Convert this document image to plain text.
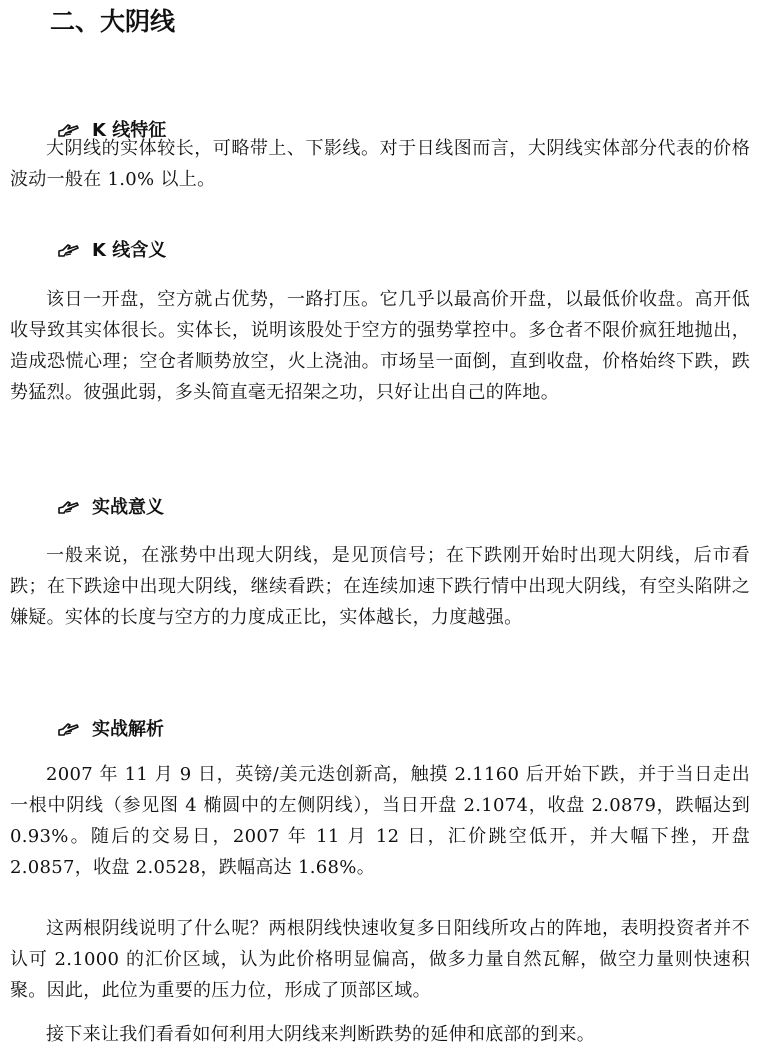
二、大阴线
K 线特征

大阴线的实体较长，可略带上、下影线。对于日线图而言，大阴线实体部分代表的价格波动一般在 1.0% 以上。

K 线含义

该日一开盘，空方就占优势，一路打压。它几乎以最高价开盘，以最低价收盘。高开低收导致其实体很长。实体长，说明该股处于空方的强势掌控中。多仓者不限价疯狂地抛出，造成恐慌心理；空仓者顺势放空，火上浇油。市场呈一面倒，直到收盘，价格始终下跌，跌势猛烈。彼强此弱，多头简直毫无招架之功，只好让出自己的阵地。

实战意义

一般来说，在涨势中出现大阴线，是见顶信号；在下跌刚开始时出现大阴线，后市看跌；在下跌途中出现大阴线，继续看跌；在连续加速下跌行情中出现大阴线，有空头陷阱之嫌疑。实体的长度与空方的力度成正比，实体越长，力度越强。

实战解析

2007 年 11 月 9 日，英镑/美元迭创新高，触摸 2.1160 后开始下跌，并于当日走出一根中阴线（参见图 4 椭圆中的左侧阴线），当日开盘 2.1074，收盘 2.0879，跌幅达到 0.93%。随后的交易日，2007 年 11 月 12 日，汇价跳空低开，并大幅下挫，开盘 2.0857，收盘 2.0528，跌幅高达 1.68%。

这两根阴线说明了什么呢？两根阴线快速收复多日阳线所攻占的阵地，表明投资者并不认可 2.1000 的汇价区域，认为此价格明显偏高，做多力量自然瓦解，做空力量则快速积聚。因此，此位为重要的压力位，形成了顶部区域。

接下来让我们看看如何利用大阴线来判断跌势的延伸和底部的到来。
